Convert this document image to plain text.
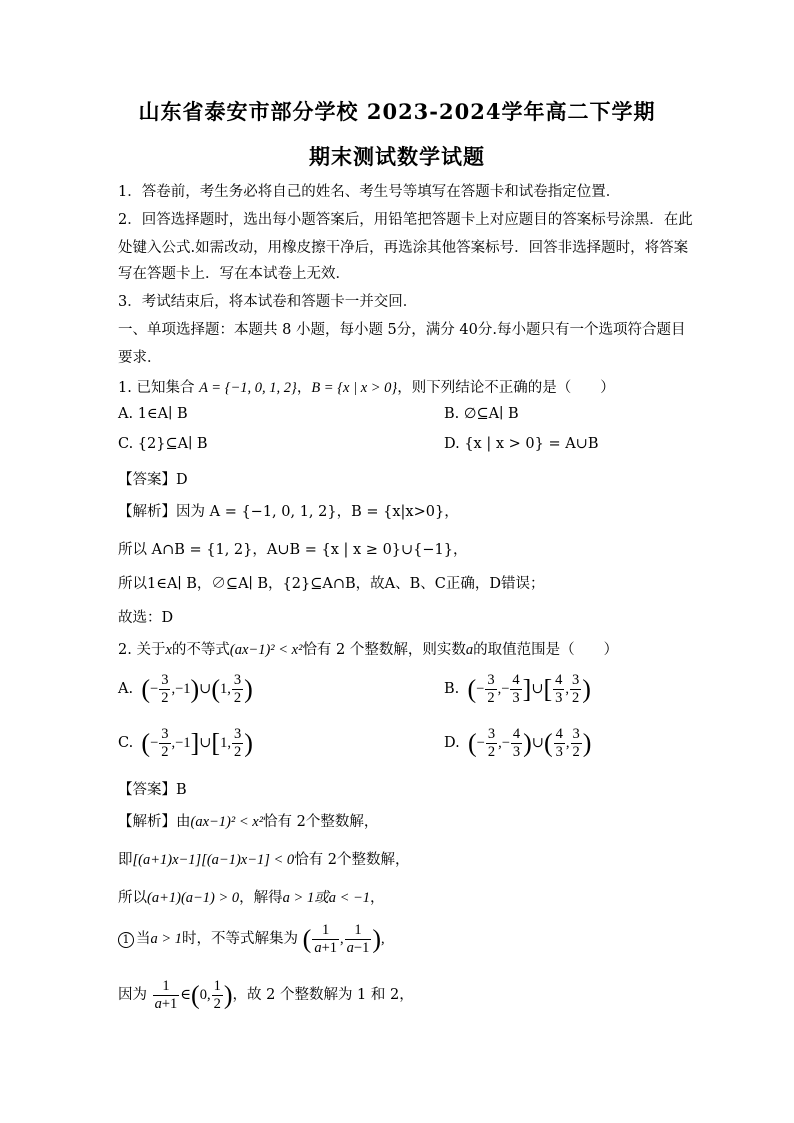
山东省泰安市部分学校 2023-2024学年高二下学期
期末测试数学试题
1．答卷前，考生务必将自己的姓名、考生号等填写在答题卡和试卷指定位置．
2．回答选择题时，选出每小题答案后，用铅笔把答题卡上对应题目的答案标号涂黑．在此
处键入公式.如需改动，用橡皮擦干净后，再选涂其他答案标号．回答非选择题时，将答案
写在答题卡上．写在本试卷上无效．
3．考试结束后，将本试卷和答题卡一并交回．
一、单项选择题：本题共 8 小题，每小题 5分，满分 40分.每小题只有一个选项符合题目
要求．
1. 已知集合 A = {−1, 0, 1, 2}，B = {x | x > 0}，则下列结论不正确的是（　　）
A. 1∈A∣ B	B. ∅⊆A∣ B
C. {2}⊆A∣ B	D. {x | x > 0} = A∪B
【答案】D
【解析】因为 A = {−1, 0, 1, 2}，B = {x|x>0}，
所以 A∩B = {1, 2}，A∪B = {x | x ≥ 0}∪{−1}，
所以1∈A∣ B，∅⊆A∣ B，{2}⊆A∩B，故A、B、C正确，D错误；
故选：D
2. 关于x的不等式(ax−1)² < x²恰有 2 个整数解，则实数a的取值范围是（　　）
A. (− $\frac{3}{2}$ ,−1)∪(1, $\frac{3}{2}$ )	B. (− $\frac{3}{2}$ ,− $\frac{4}{3}$ ]∪[ $\frac{4}{3}$ , $\frac{3}{2}$ )
C. (− $\frac{3}{2}$ ,−1]∪[1, $\frac{3}{2}$ )	D. (− $\frac{3}{2}$ ,− $\frac{4}{3}$ )∪( $\frac{4}{3}$ , $\frac{3}{2}$ )
【答案】B
【解析】由(ax−1)² < x²恰有 2个整数解，
即[(a+1)x−1][(a−1)x−1] < 0恰有 2个整数解，
所以(a+1)(a−1) > 0，解得a > 1或a < −1，
1 当a > 1时，不等式解集为 ( $\frac{1}{a+1}$ , $\frac{1}{a-1}$ ),
因为 $\frac{1}{a+1}$ ∈(0, $\frac{1}{2}$ )，故 2 个整数解为 1 和 2，
